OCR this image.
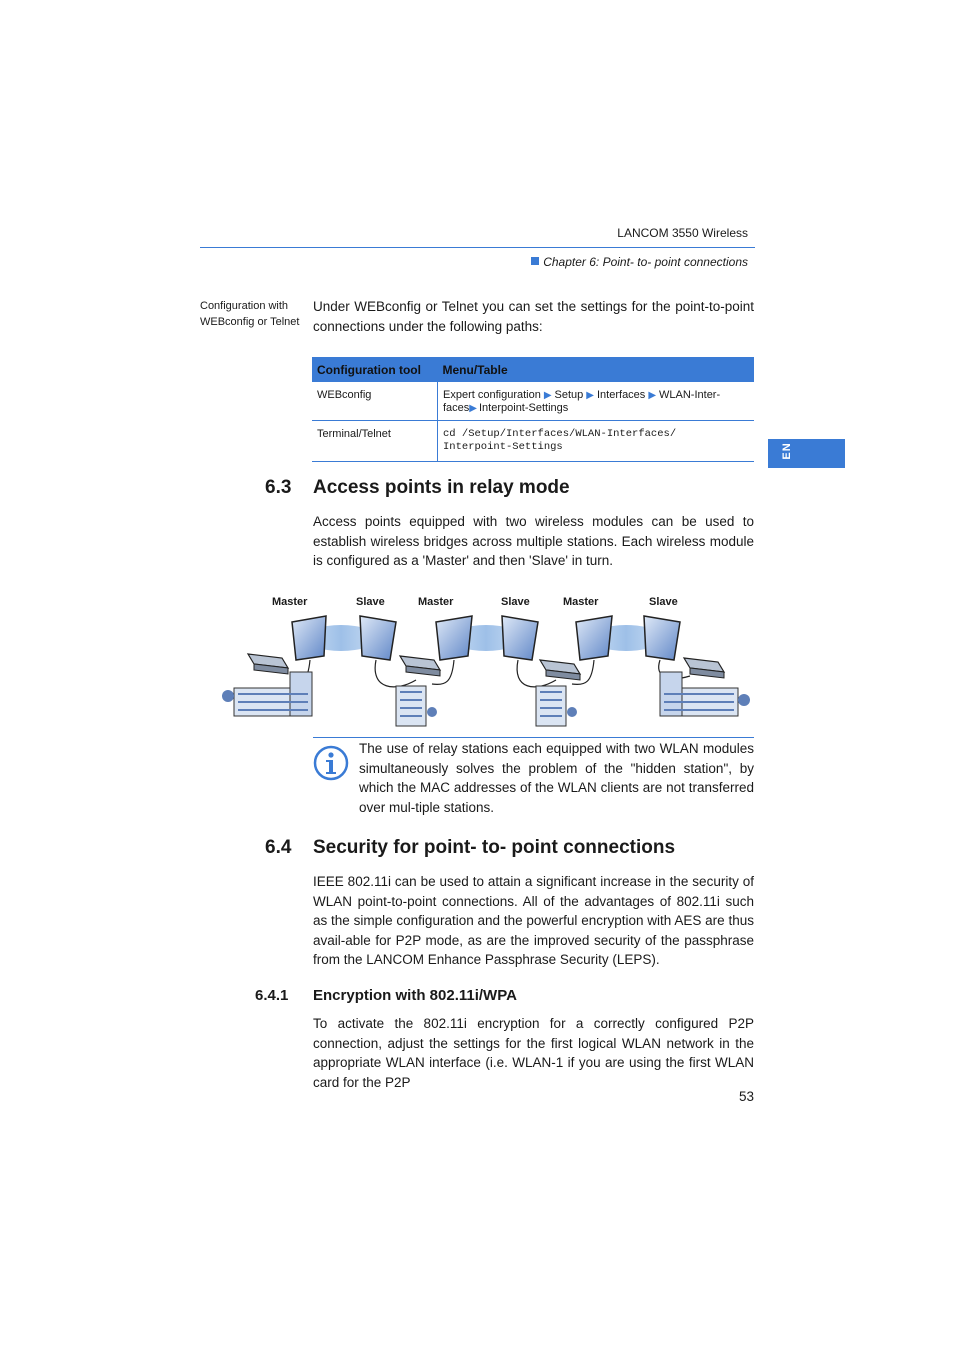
LANCOM 3550 Wireless
Chapter 6: Point- to- point connections
EN
Configuration with
WEBconfig or Telnet
Under WEBconfig or Telnet you can set the settings for the point-to-point connections under the following paths:
Configuration tool	Menu/Table
WEBconfig	Expert configuration ▶ Setup ▶ Interfaces ▶ WLAN-Inter-
faces▶ Interpoint-Settings
Terminal/Telnet	cd /Setup/Interfaces/WLAN-Interfaces/
Interpoint-Settings
6.3 Access points in relay mode
Access points equipped with two wireless modules can be used to establish wireless bridges across multiple stations. Each wireless module is configured as a 'Master' and then 'Slave' in turn.
Master	Slave	Master	Slave	Master	Slave
The use of relay stations each equipped with two WLAN modules simultaneously solves the problem of the "hidden station", by which the MAC addresses of the WLAN clients are not transferred over mul-tiple stations.
6.4 Security for point- to- point connections
IEEE 802.11i can be used to attain a significant increase in the security of WLAN point-to-point connections. All of the advantages of 802.11i such as the simple configuration and the powerful encryption with AES are thus avail-able for P2P mode, as are the improved security of the passphrase from the LANCOM Enhance Passphrase Security (LEPS).
6.4.1 Encryption with 802.11i/WPA
To activate the 802.11i encryption for a correctly configured P2P connection, adjust the settings for the first logical WLAN network in the appropriate WLAN interface (i.e. WLAN-1 if you are using the first WLAN card for the P2P
53
